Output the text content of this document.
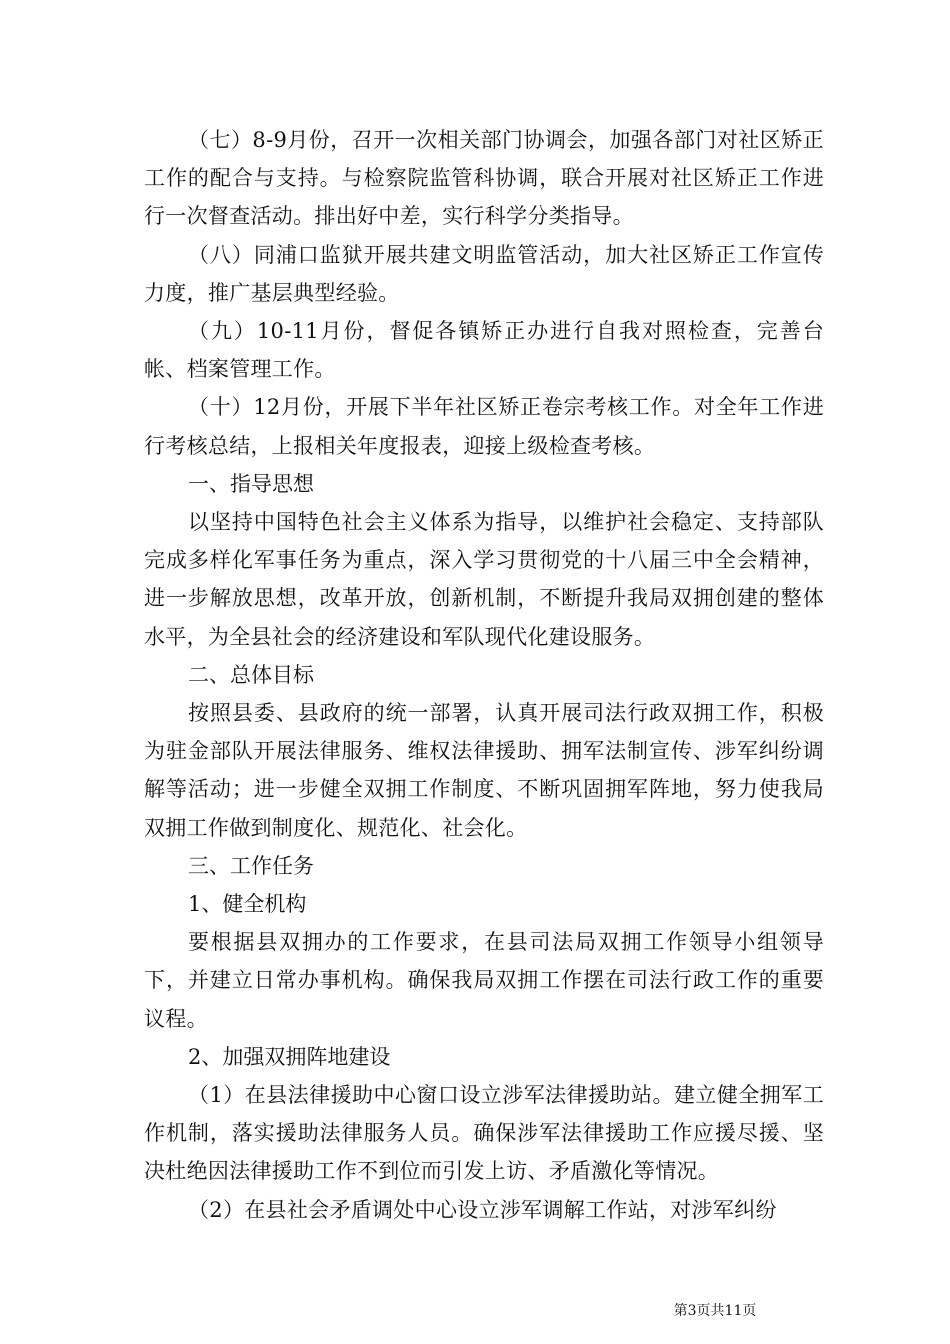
（七）8-9月份，召开一次相关部门协调会，加强各部门对社区矫正工作的配合与支持。与检察院监管科协调，联合开展对社区矫正工作进行一次督查活动。排出好中差，实行科学分类指导。

（八）同浦口监狱开展共建文明监管活动，加大社区矫正工作宣传力度，推广基层典型经验。

（九）10-11月份，督促各镇矫正办进行自我对照检查，完善台帐、档案管理工作。

（十）12月份，开展下半年社区矫正卷宗考核工作。对全年工作进行考核总结，上报相关年度报表，迎接上级检查考核。

一、指导思想

以坚持中国特色社会主义体系为指导，以维护社会稳定、支持部队完成多样化军事任务为重点，深入学习贯彻党的十八届三中全会精神，进一步解放思想，改革开放，创新机制，不断提升我局双拥创建的整体水平，为全县社会的经济建设和军队现代化建设服务。

二、总体目标

按照县委、县政府的统一部署，认真开展司法行政双拥工作，积极为驻金部队开展法律服务、维权法律援助、拥军法制宣传、涉军纠纷调解等活动；进一步健全双拥工作制度、不断巩固拥军阵地，努力使我局双拥工作做到制度化、规范化、社会化。

三、工作任务

1、健全机构

要根据县双拥办的工作要求，在县司法局双拥工作领导小组领导下，并建立日常办事机构。确保我局双拥工作摆在司法行政工作的重要议程。

2、加强双拥阵地建设

（1）在县法律援助中心窗口设立涉军法律援助站。建立健全拥军工作机制，落实援助法律服务人员。确保涉军法律援助工作应援尽援、坚决杜绝因法律援助工作不到位而引发上访、矛盾激化等情况。

（2）在县社会矛盾调处中心设立涉军调解工作站，对涉军纠纷

第3页共11页
